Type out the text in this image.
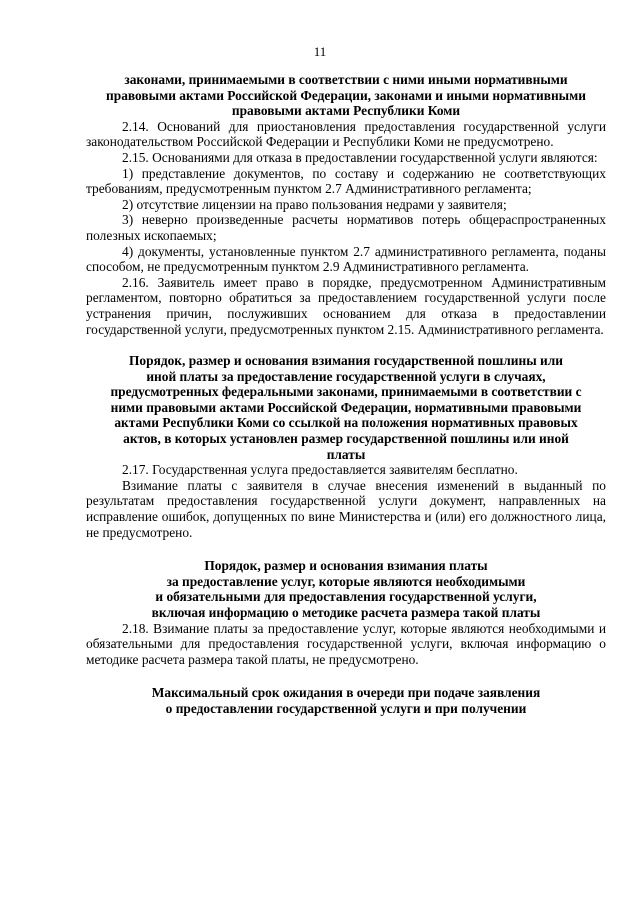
11
законами, принимаемыми в соответствии с ними иными нормативными
правовыми актами Российской Федерации, законами и иными нормативными
правовыми актами Республики Коми

2.14. Оснований для приостановления предоставления государственной услуги законодательством Российской Федерации и Республики Коми не предусмотрено.

2.15. Основаниями для отказа в предоставлении государственной услуги являются:

1) представление документов, по составу и содержанию не соответствующих требованиям, предусмотренным пунктом 2.7 Административного регламента;

2) отсутствие лицензии на право пользования недрами у заявителя;

3) неверно произведенные расчеты нормативов потерь общераспространенных полезных ископаемых;

4) документы, установленные пунктом 2.7 административного регламента, поданы способом, не предусмотренным пунктом 2.9 Административного регламента.

2.16. Заявитель имеет право в порядке, предусмотренном Административным регламентом, повторно обратиться за предоставлением государственной услуги после устранения причин, послуживших основанием для отказа в предоставлении государственной услуги, предусмотренных пунктом 2.15. Административного регламента.

Порядок, размер и основания взимания государственной пошлины или
иной платы за предоставление государственной услуги в случаях,
предусмотренных федеральными законами, принимаемыми в соответствии с
ними правовыми актами Российской Федерации, нормативными правовыми
актами Республики Коми со ссылкой на положения нормативных правовых
актов, в которых установлен размер государственной пошлины или иной
платы

2.17. Государственная услуга предоставляется заявителям бесплатно.

Взимание платы с заявителя в случае внесения изменений в выданный по результатам предоставления государственной услуги документ, направленных на исправление ошибок, допущенных по вине Министерства и (или) его должностного лица, не предусмотрено.

Порядок, размер и основания взимания платы
за предоставление услуг, которые являются необходимыми
и обязательными для предоставления государственной услуги,
включая информацию о методике расчета размера такой платы

2.18. Взимание платы за предоставление услуг, которые являются необходимыми и обязательными для предоставления государственной услуги, включая информацию о методике расчета размера такой платы, не предусмотрено.

Максимальный срок ожидания в очереди при подаче заявления
о предоставлении государственной услуги и при получении
